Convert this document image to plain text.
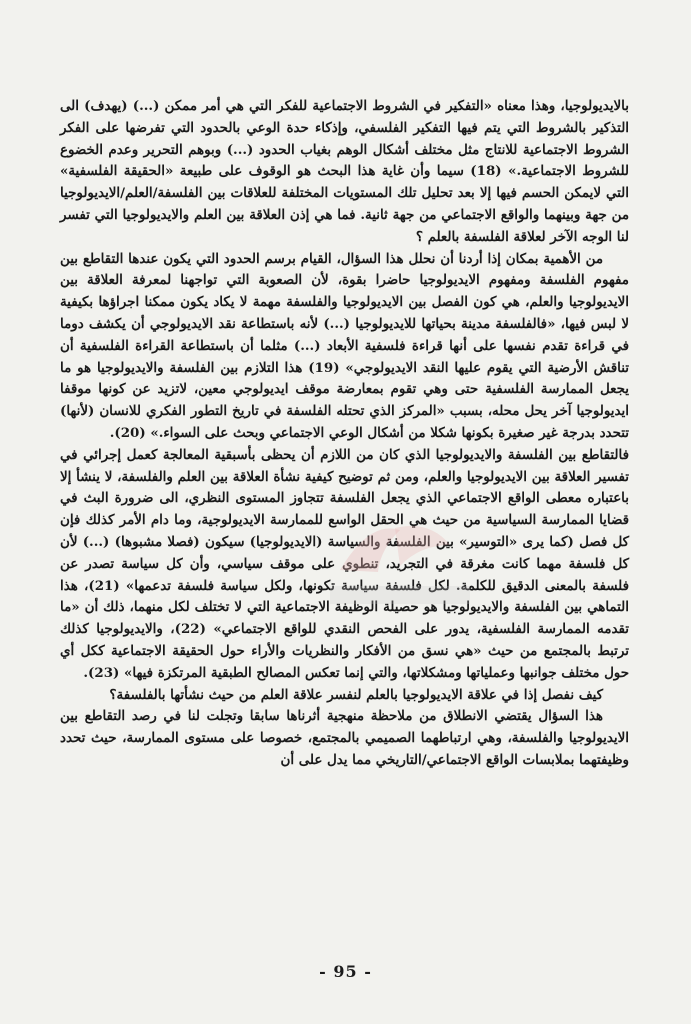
بالايديولوجيا، وهذا معناه «التفكير في الشروط الاجتماعية للفكر التي هي أمر ممكن (...) (يهدف) الى التذكير بالشروط التي يتم فيها التفكير الفلسفي، وإذكاء حدة الوعي بالحدود التي تفرضها على الفكر الشروط الاجتماعية للانتاج مثل مختلف أشكال الوهم بغياب الحدود (...) وبوهم التحرير وعدم الخضوع للشروط الاجتماعية.» (18) سيما وأن غاية هذا البحث هو الوقوف على طبيعة «الحقيقة الفلسفية» التي لايمكن الحسم فيها إلا بعد تحليل تلك المستويات المختلفة للعلاقات بين الفلسفة/العلم/الايديولوجيا من جهة وبينهما والواقع الاجتماعي من جهة ثانية. فما هي إذن العلاقة بين العلم والايديولوجيا التي تفسر لنا الوجه الآخر لعلاقة الفلسفة بالعلم ؟

من الأهمية بمكان إذا أردنا أن نحلل هذا السؤال، القيام برسم الحدود التي يكون عندها التقاطع بين مفهوم الفلسفة ومفهوم الايديولوجيا حاضرا بقوة، لأن الصعوبة التي تواجهنا لمعرفة العلاقة بين الايديولوجيا والعلم، هي كون الفصل بين الايديولوجيا والفلسفة مهمة لا يكاد يكون ممكنا اجراؤها بكيفية لا لبس فيها، «فالفلسفة مدينة بحياتها للايديولوجيا (...) لأنه باستطاعة نقد الايديولوجي أن يكشف دوما في قراءة تقدم نفسها على أنها قراءة فلسفية الأبعاد (...) مثلما أن باستطاعة القراءة الفلسفية أن تناقش الأرضية التي يقوم عليها النقد الايديولوجي» (19) هذا التلازم بين الفلسفة والايديولوجيا هو ما يجعل الممارسة الفلسفية حتى وهي تقوم بمعارضة موقف ايديولوجي معين، لاتزيد عن كونها موقفا ايديولوجيا آخر يحل محله، بسبب «المركز الذي تحتله الفلسفة في تاريخ التطور الفكري للانسان (لأنها) تتحدد بدرجة غير صغيرة بكونها شكلا من أشكال الوعي الاجتماعي وبحث على السواء.» (20).

فالتقاطع بين الفلسفة والايديولوجيا الذي كان من اللازم أن يحظى بأسبقية المعالجة كعمل إجرائي في تفسير العلاقة بين الايديولوجيا والعلم، ومن ثم توضيح كيفية نشأة العلاقة بين العلم والفلسفة، لا ينشأ إلا باعتباره معطى الواقع الاجتماعي الذي يجعل الفلسفة تتجاوز المستوى النظري، الى ضرورة البث في قضايا الممارسة السياسية من حيث هي الحقل الواسع للممارسة الايديولوجية، وما دام الأمر كذلك فإن كل فصل (كما يرى «التوسير» بين الفلسفة والسياسة (الايديولوجيا) سيكون (فصلا مشبوها) (...) لأن كل فلسفة مهما كانت مغرقة في التجريد، تنطوي على موقف سياسي، وأن كل سياسة تصدر عن فلسفة بالمعنى الدقيق للكلمة. لكل فلسفة سياسة تكونها، ولكل سياسة فلسفة تدعمها» (21)، هذا التماهي بين الفلسفة والايديولوجيا هو حصيلة الوظيفة الاجتماعية التي لا تختلف لكل منهما، ذلك أن «ما تقدمه الممارسة الفلسفية، يدور على الفحص النقدي للواقع الاجتماعي» (22)، والايديولوجيا كذلك ترتبط بالمجتمع من حيث «هي نسق من الأفكار والنظريات والأراء حول الحقيقة الاجتماعية ككل أي حول مختلف جوانبها وعملياتها ومشكلاتها، والتي إنما تعكس المصالح الطبقية المرتكزة فيها» (23).

كيف نفصل إذا في علاقة الايديولوجيا بالعلم لنفسر علاقة العلم من حيث نشأتها بالفلسفة؟

هذا السؤال يقتضي الانطلاق من ملاحظة منهجية أثرناها سابقا وتجلت لنا في رصد التقاطع بين الايديولوجيا والفلسفة، وهي ارتباطهما الصميمي بالمجتمع، خصوصا على مستوى الممارسة، حيث تحدد وظيفتهما بملابسات الواقع الاجتماعي/التاريخي مما يدل على أن

- 95 -
